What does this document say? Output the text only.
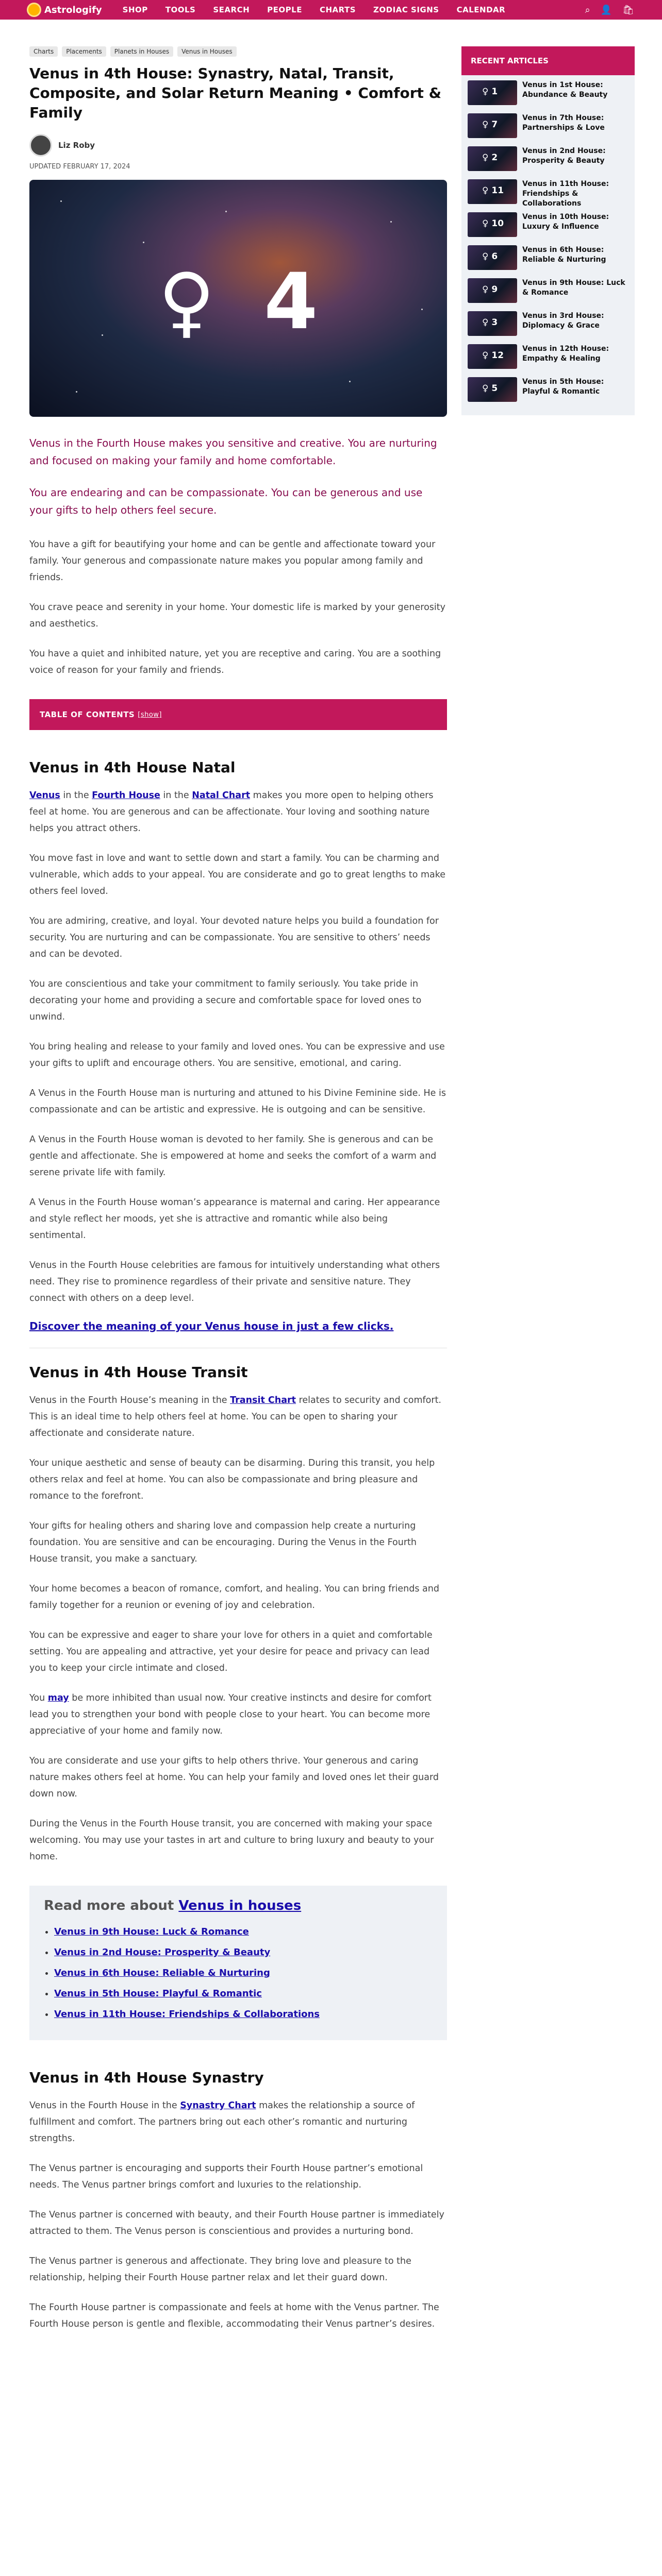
Astrologify	SHOP TOOLS SEARCH PEOPLE CHARTS ZODIAC SIGNS CALENDAR	⌕ 👤 🛍
Charts	Placements	Planets in Houses	Venus in Houses
Venus in 4th House: Synastry, Natal, Transit, Composite, and Solar Return Meaning • Comfort & Family
Liz Roby
UPDATED FEBRUARY 17, 2024
♀ 4

Venus in the Fourth House makes you sensitive and creative. You are nurturing and focused on making your family and home comfortable.

You are endearing and can be compassionate. You can be generous and use your gifts to help others feel secure.

You have a gift for beautifying your home and can be gentle and affectionate toward your family. Your generous and compassionate nature makes you popular among family and friends.

You crave peace and serenity in your home. Your domestic life is marked by your generosity and aesthetics.

You have a quiet and inhibited nature, yet you are receptive and caring. You are a soothing voice of reason for your family and friends.

TABLE OF CONTENTS [show]
Venus in 4th House Natal

Venus in the Fourth House in the Natal Chart makes you more open to helping others feel at home. You are generous and can be affectionate. Your loving and soothing nature helps you attract others.

You move fast in love and want to settle down and start a family. You can be charming and vulnerable, which adds to your appeal. You are considerate and go to great lengths to make others feel loved.

You are admiring, creative, and loyal. Your devoted nature helps you build a foundation for security. You are nurturing and can be compassionate. You are sensitive to others’ needs and can be devoted.

You are conscientious and take your commitment to family seriously. You take pride in decorating your home and providing a secure and comfortable space for loved ones to unwind.

You bring healing and release to your family and loved ones. You can be expressive and use your gifts to uplift and encourage others. You are sensitive, emotional, and caring.

A Venus in the Fourth House man is nurturing and attuned to his Divine Feminine side. He is compassionate and can be artistic and expressive. He is outgoing and can be sensitive.

A Venus in the Fourth House woman is devoted to her family. She is generous and can be gentle and affectionate. She is empowered at home and seeks the comfort of a warm and serene private life with family.

A Venus in the Fourth House woman’s appearance is maternal and caring. Her appearance and style reflect her moods, yet she is attractive and romantic while also being sentimental.

Venus in the Fourth House celebrities are famous for intuitively understanding what others need. They rise to prominence regardless of their private and sensitive nature. They connect with others on a deep level.

Discover the meaning of your Venus house in just a few clicks.
Venus in 4th House Transit

Venus in the Fourth House’s meaning in the Transit Chart relates to security and comfort. This is an ideal time to help others feel at home. You can be open to sharing your affectionate and considerate nature.

Your unique aesthetic and sense of beauty can be disarming. During this transit, you help others relax and feel at home. You can also be compassionate and bring pleasure and romance to the forefront.

Your gifts for healing others and sharing love and compassion help create a nurturing foundation. You are sensitive and can be encouraging. During the Venus in the Fourth House transit, you make a sanctuary.

Your home becomes a beacon of romance, comfort, and healing. You can bring friends and family together for a reunion or evening of joy and celebration.

You can be expressive and eager to share your love for others in a quiet and comfortable setting. You are appealing and attractive, yet your desire for peace and privacy can lead you to keep your circle intimate and closed.

You may be more inhibited than usual now. Your creative instincts and desire for comfort lead you to strengthen your bond with people close to your heart. You can become more appreciative of your home and family now.

You are considerate and use your gifts to help others thrive. Your generous and caring nature makes others feel at home. You can help your family and loved ones let their guard down now.

During the Venus in the Fourth House transit, you are concerned with making your space welcoming. You may use your tastes in art and culture to bring luxury and beauty to your home.

Read more about Venus in houses
• Venus in 9th House: Luck & Romance
• Venus in 2nd House: Prosperity & Beauty
• Venus in 6th House: Reliable & Nurturing
• Venus in 5th House: Playful & Romantic
• Venus in 11th House: Friendships & Collaborations
Venus in 4th House Synastry

Venus in the Fourth House in the Synastry Chart makes the relationship a source of fulfillment and comfort. The partners bring out each other’s romantic and nurturing strengths.

The Venus partner is encouraging and supports their Fourth House partner’s emotional needs. The Venus partner brings comfort and luxuries to the relationship.

The Venus partner is concerned with beauty, and their Fourth House partner is immediately attracted to them. The Venus person is conscientious and provides a nurturing bond.

The Venus partner is generous and affectionate. They bring love and pleasure to the relationship, helping their Fourth House partner relax and let their guard down.

The Fourth House partner is compassionate and feels at home with the Venus partner. The Fourth House person is gentle and flexible, accommodating their Venus partner’s desires.

RECENT ARTICLES
♀ 1
Venus in 1st House: Abundance & Beauty
♀ 7
Venus in 7th House: Partnerships & Love
♀ 2
Venus in 2nd House: Prosperity & Beauty
♀ 11
Venus in 11th House: Friendships & Collaborations
♀ 10
Venus in 10th House: Luxury & Influence
♀ 6
Venus in 6th House: Reliable & Nurturing
♀ 9
Venus in 9th House: Luck & Romance
♀ 3
Venus in 3rd House: Diplomacy & Grace
♀ 12
Venus in 12th House: Empathy & Healing
♀ 5
Venus in 5th House: Playful & Romantic
